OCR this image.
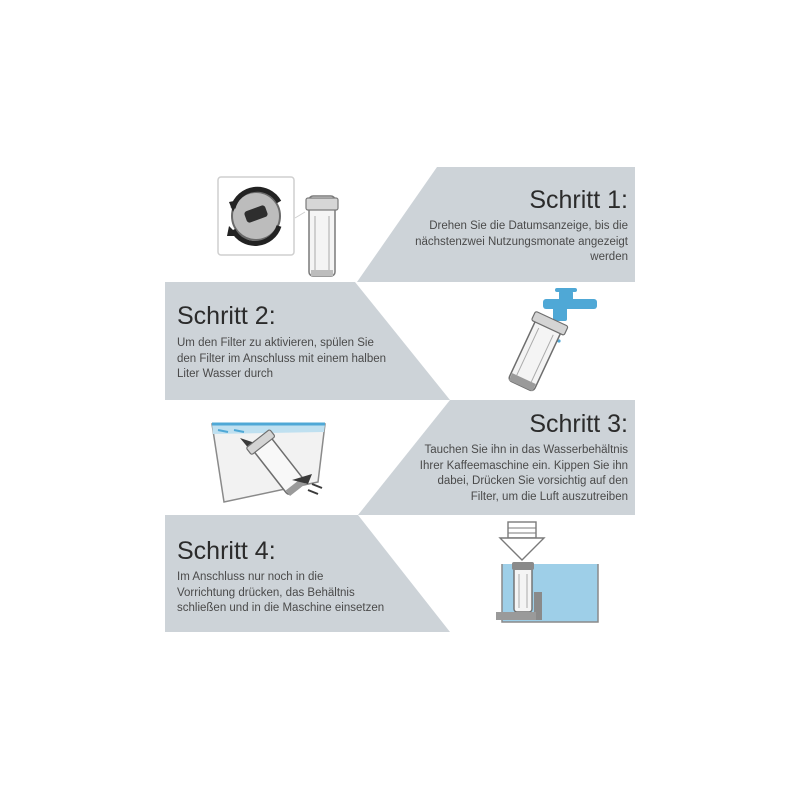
Schritt 1:
Drehen Sie die Datumsanzeige, bis die
nächstenzwei Nutzungsmonate angezeigt
werden
Schritt 2:
Um den Filter zu aktivieren, spülen Sie
den Filter im Anschluss mit einem halben
Liter Wasser durch
Schritt 3:
Tauchen Sie ihn in das Wasserbehältnis
Ihrer Kaffeemaschine ein. Kippen Sie ihn
dabei, Drücken Sie vorsichtig auf den
Filter, um die Luft auszutreiben
Schritt 4:
Im Anschluss nur noch in die
Vorrichtung drücken, das Behältnis
schließen und in die Maschine einsetzen
